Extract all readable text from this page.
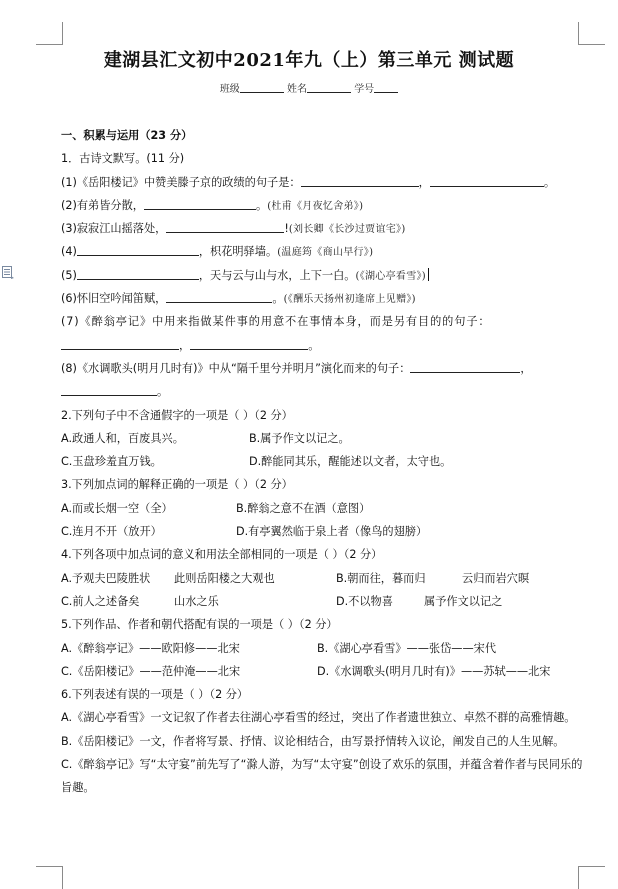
建湖县汇文初中2021年九（上）第三单元 测试题
班级	姓名	学号
一、积累与运用（23 分）
1．古诗文默写。(11 分)
(1)《岳阳楼记》中赞美滕子京的政绩的句子是：	，	。
(2)有弟皆分散，	。(杜甫《月夜忆舍弟》)
(3)寂寂江山摇落处，	!(刘长卿《长沙过贾谊宅》)
(4)	，枳花明驿墙。(温庭筠《商山早行》)
(5)	，天与云与山与水，上下一白。(《湖心亭看雪》)
(6)怀旧空吟闻笛赋，	。(《酬乐天扬州初逢席上见赠》)
(7)《醉翁亭记》中用来指做某件事的用意不在事情本身，而是另有目的的句子：
，	。
(8)《水调歌头(明月几时有)》中从“隔千里兮并明月”演化而来的句子：	，
。
2.下列句子中不含通假字的一项是（ ）（2 分）
A.政通人和，百废具兴。	B.属予作文以记之。
C.玉盘珍羞直万钱。	D.醉能同其乐，醒能述以文者，太守也。
3.下列加点词的解释正确的一项是（ ）（2 分）
A.而或长烟一空（全）	B.醉翁之意不在酒（意图）
C.连月不开（放开）	D.有亭翼然临于泉上者（像鸟的翅膀）
4.下列各项中加点词的意义和用法全部相同的一项是（ ）（2 分）
A.予观夫巴陵胜状 此则岳阳楼之大观也	B.朝而往，暮而归	云归而岩穴暝
C.前人之述备矣	山水之乐	D.不以物喜	属予作文以记之
5.下列作品、作者和朝代搭配有误的一项是（ ）（2 分）
A.《醉翁亭记》——欧阳修——北宋	B.《湖心亭看雪》——张岱——宋代
C.《岳阳楼记》——范仲淹——北宋	D.《水调歌头(明月几时有)》——苏轼——北宋
6.下列表述有误的一项是（ ）（2 分）
A.《湖心亭看雪》一文记叙了作者去往湖心亭看雪的经过，突出了作者遗世独立、卓然不群的高雅情趣。
B.《岳阳楼记》一文，作者将写景、抒情、议论相结合，由写景抒情转入议论，阐发自己的人生见解。
C.《醉翁亭记》写“太守宴”前先写了“滁人游，为写“太守宴”创设了欢乐的氛围，并蕴含着作者与民同乐的旨趣。
